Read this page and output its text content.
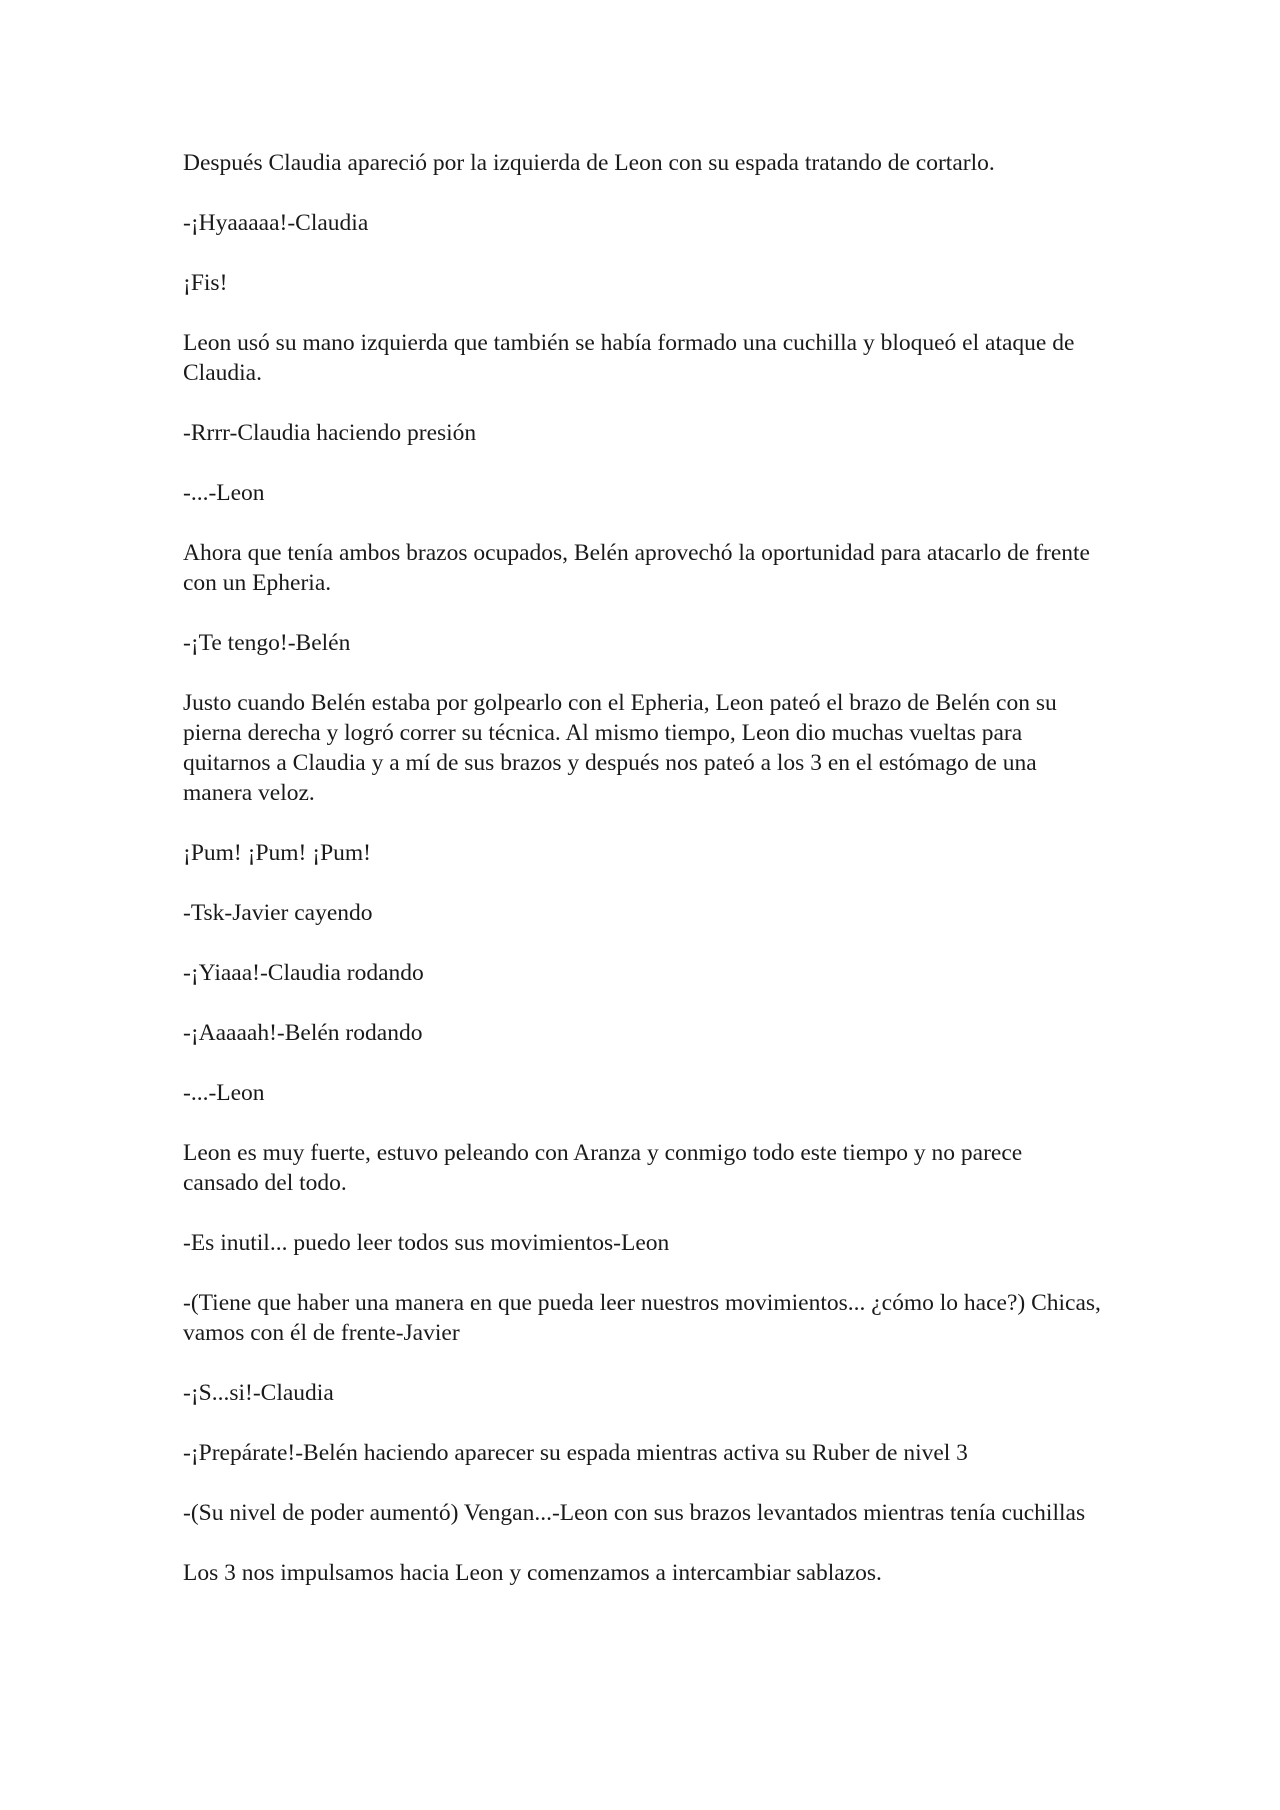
Después Claudia apareció por la izquierda de Leon con su espada tratando de cortarlo.

-¡Hyaaaaa!-Claudia

¡Fis!

Leon usó su mano izquierda que también se había formado una cuchilla y bloqueó el ataque de Claudia.

-Rrrr-Claudia haciendo presión

-...-Leon

Ahora que tenía ambos brazos ocupados, Belén aprovechó la oportunidad para atacarlo de frente con un Epheria.

-¡Te tengo!-Belén

Justo cuando Belén estaba por golpearlo con el Epheria, Leon pateó el brazo de Belén con su pierna derecha y logró correr su técnica. Al mismo tiempo, Leon dio muchas vueltas para quitarnos a Claudia y a mí de sus brazos y después nos pateó a los 3 en el estómago de una manera veloz.

¡Pum! ¡Pum! ¡Pum!

-Tsk-Javier cayendo

-¡Yiaaa!-Claudia rodando

-¡Aaaaah!-Belén rodando

-...-Leon

Leon es muy fuerte, estuvo peleando con Aranza y conmigo todo este tiempo y no parece cansado del todo.

-Es inutil... puedo leer todos sus movimientos-Leon

-(Tiene que haber una manera en que pueda leer nuestros movimientos... ¿cómo lo hace?) Chicas, vamos con él de frente-Javier

-¡S...si!-Claudia

-¡Prepárate!-Belén haciendo aparecer su espada mientras activa su Ruber de nivel 3

-(Su nivel de poder aumentó) Vengan...-Leon con sus brazos levantados mientras tenía cuchillas

Los 3 nos impulsamos hacia Leon y comenzamos a intercambiar sablazos.
